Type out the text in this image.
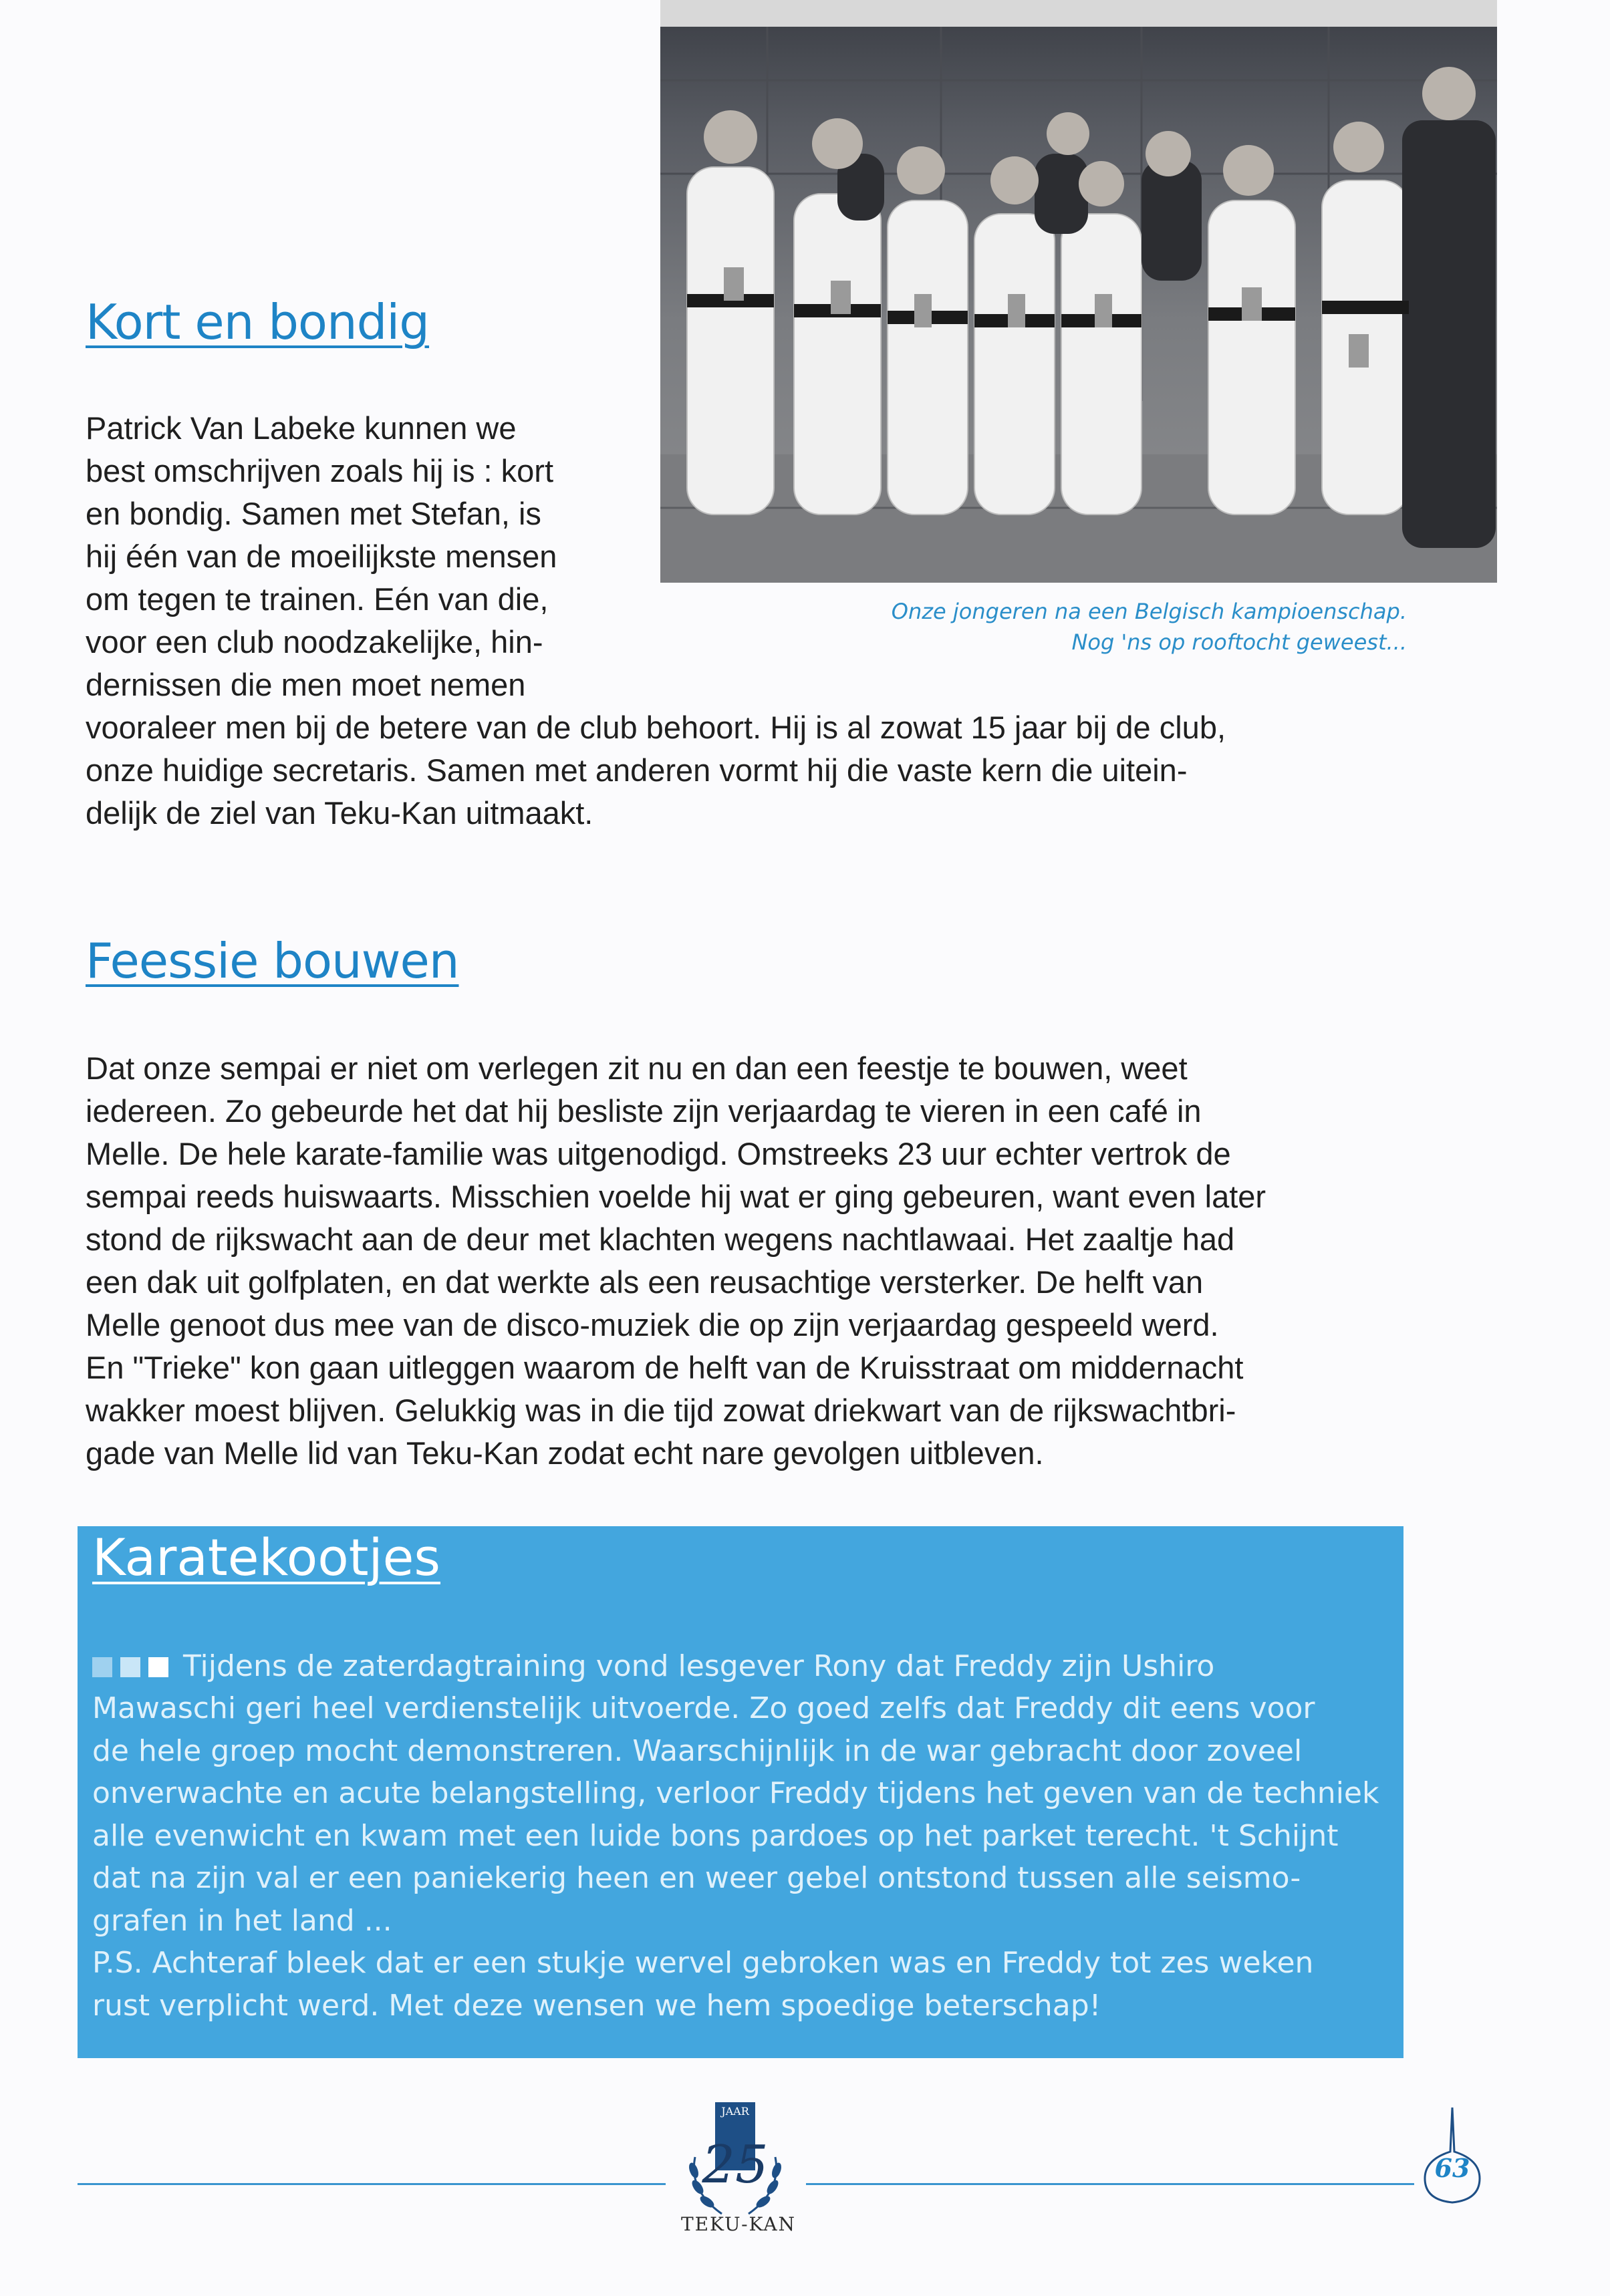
Onze jongeren na een Belgisch kampioenschap.
Nog 'ns op rooftocht geweest...
Kort en bondig
Patrick Van Labeke kunnen we
best omschrijven zoals hij is : kort
en bondig. Samen met Stefan, is
hij één van de moeilijkste mensen
om tegen te trainen. Eén van die,
voor een club noodzakelijke, hin-
dernissen die men moet nemen
vooraleer men bij de betere van de club behoort. Hij is al zowat 15 jaar bij de club,
onze huidige secretaris. Samen met anderen vormt hij die vaste kern die uitein-
delijk de ziel van Teku-Kan uitmaakt.
Feessie bouwen
Dat onze sempai er niet om verlegen zit nu en dan een feestje te bouwen, weet
iedereen. Zo gebeurde het dat hij besliste zijn verjaardag te vieren in een café in
Melle. De hele karate-familie was uitgenodigd. Omstreeks 23 uur echter vertrok de
sempai reeds huiswaarts. Misschien voelde hij wat er ging gebeuren, want even later
stond de rijkswacht aan de deur met klachten wegens nachtlawaai. Het zaaltje had
een dak uit golfplaten, en dat werkte als een reusachtige versterker. De helft van
Melle genoot dus mee van de disco-muziek die op zijn verjaardag gespeeld werd.
En "Trieke" kon gaan uitleggen waarom de helft van de Kruisstraat om middernacht
wakker moest blijven. Gelukkig was in die tijd zowat driekwart van de rijkswachtbri-
gade van Melle lid van Teku-Kan zodat echt nare gevolgen uitbleven.
Karatekootjes
Tijdens de zaterdagtraining vond lesgever Rony dat Freddy zijn Ushiro
Mawaschi geri heel verdienstelijk uitvoerde. Zo goed zelfs dat Freddy dit eens voor
de hele groep mocht demonstreren. Waarschijnlijk in de war gebracht door zoveel
onverwachte en acute belangstelling, verloor Freddy tijdens het geven van de techniek
alle evenwicht en kwam met een luide bons pardoes op het parket terecht. 't Schijnt
dat na zijn val er een paniekerig heen en weer gebel ontstond tussen alle seismo-
grafen in het land ...
P.S. Achteraf bleek dat er een stukje wervel gebroken was en Freddy tot zes weken
rust verplicht werd. Met deze wensen we hem spoedige beterschap!
JAAR
25
TEKU-KAN
63
